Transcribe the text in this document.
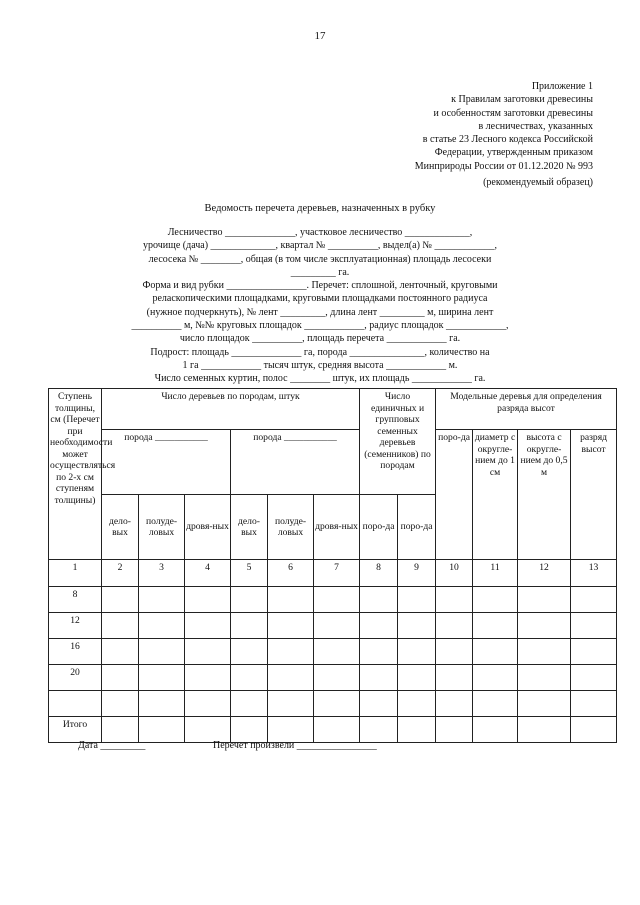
17
Приложение 1
к Правилам заготовки древесины
и особенностям заготовки древесины
в лесничествах, указанных
в статье 23 Лесного кодекса Российской
Федерации, утвержденным приказом
Минприроды России от 01.12.2020 № 993
(рекомендуемый образец)
Ведомость перечета деревьев, назначенных в рубку
Лесничество ______________, участковое лесничество _____________,
урочище (дача) _____________, квартал № __________, выдел(а) № ____________,
лесосека № ________, общая (в том числе эксплуатационная) площадь лесосеки
_________ га.
Форма и вид рубки ________________. Перечет: сплошной, ленточный, круговыми
реласкопическими площадками, круговыми площадками постоянного радиуса
(нужное подчеркнуть), № лент _________, длина лент _________ м, ширина лент
__________ м, №№ круговых площадок ____________, радиус площадок ____________,
число площадок __________, площадь перечета ____________ га.
Подрост: площадь ______________ га, порода _______________, количество на
1 га ____________ тысяч штук, средняя высота ____________ м.
Число семенных куртин, полос ________ штук, их площадь ____________ га.
Ступень толщины, см (Перечет при необходимости может осуществляться по 2-х см ступеням толщины)	Число деревьев по породам, штук						Число единичных и групповых семенных деревьев (семенников) по породам		Модельные деревья для определения разряда высот			
	порода ___________			порода ___________					поро-да	диаметр с округле-нием до 1 см	высота с округле-нием до 0,5 м	разряд высот
	дело-вых	полуде-ловых	дровя-ных	дело-вых	полуде-ловых	дровя-ных	поро-да	поро-да				
1	2	3	4	5	6	7	8	9	10	11	12	13
8												
12												
16												
20												

Итого												
Дата _________	Перечет произвели ________________
